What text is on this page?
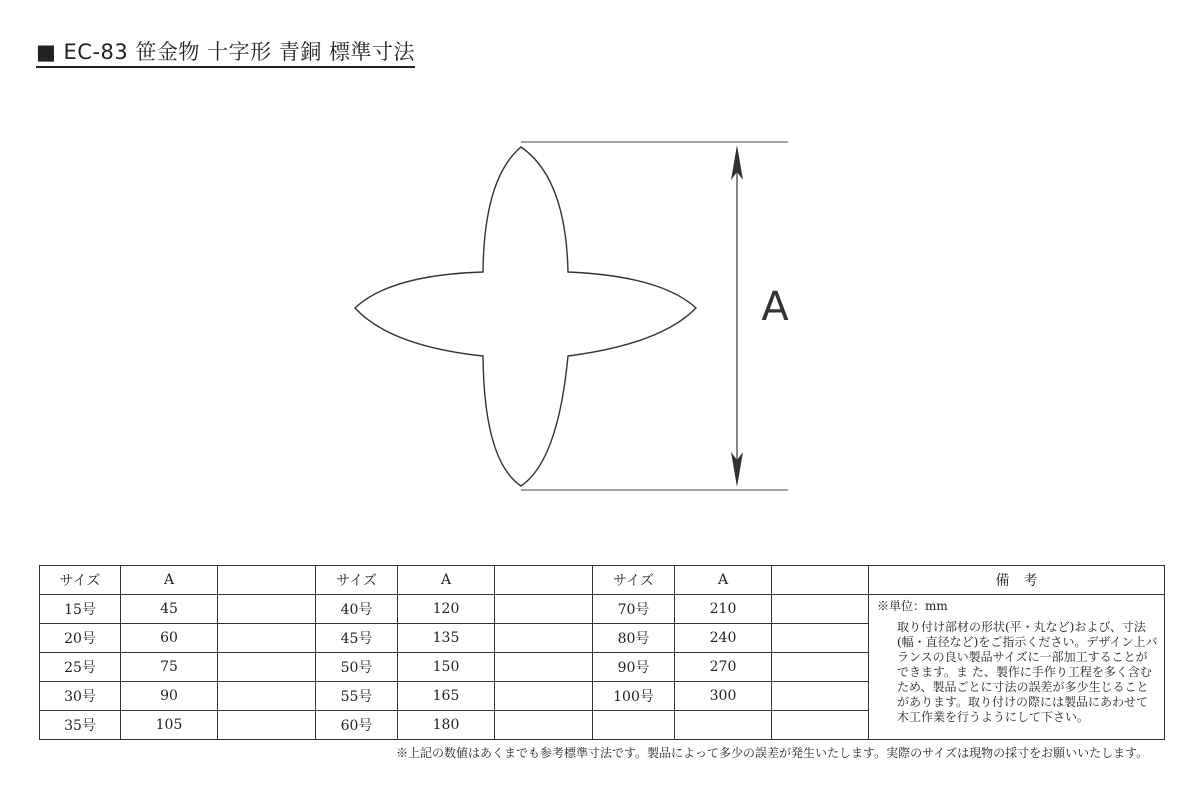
■ EC-83 笹金物 十字形 青銅 標準寸法
A
サイズ	A		サイズ	A		サイズ	A		備　考
15号	45		40号	120		70号	210		※単位：mm
取り付け部材の形状(平・丸など)および、寸法(幅・直径など)をご指示ください。デザイン上バランスの良い製品サイズに一部加工することができます。ま た、製作に手作り工程を多く含むため、製品ごとに寸法の誤差が多少生じることがあります。取り付けの際には製品にあわせて木工作業を行うようにして下さい。

20号	60		45号	135		80号	240		
25号	75		50号	150		90号	270		
30号	90		55号	165		100号	300		
35号	105		60号	180					
※上記の数値はあくまでも参考標準寸法です。製品によって多少の誤差が発生いたします。実際のサイズは現物の採寸をお願いいたします。
